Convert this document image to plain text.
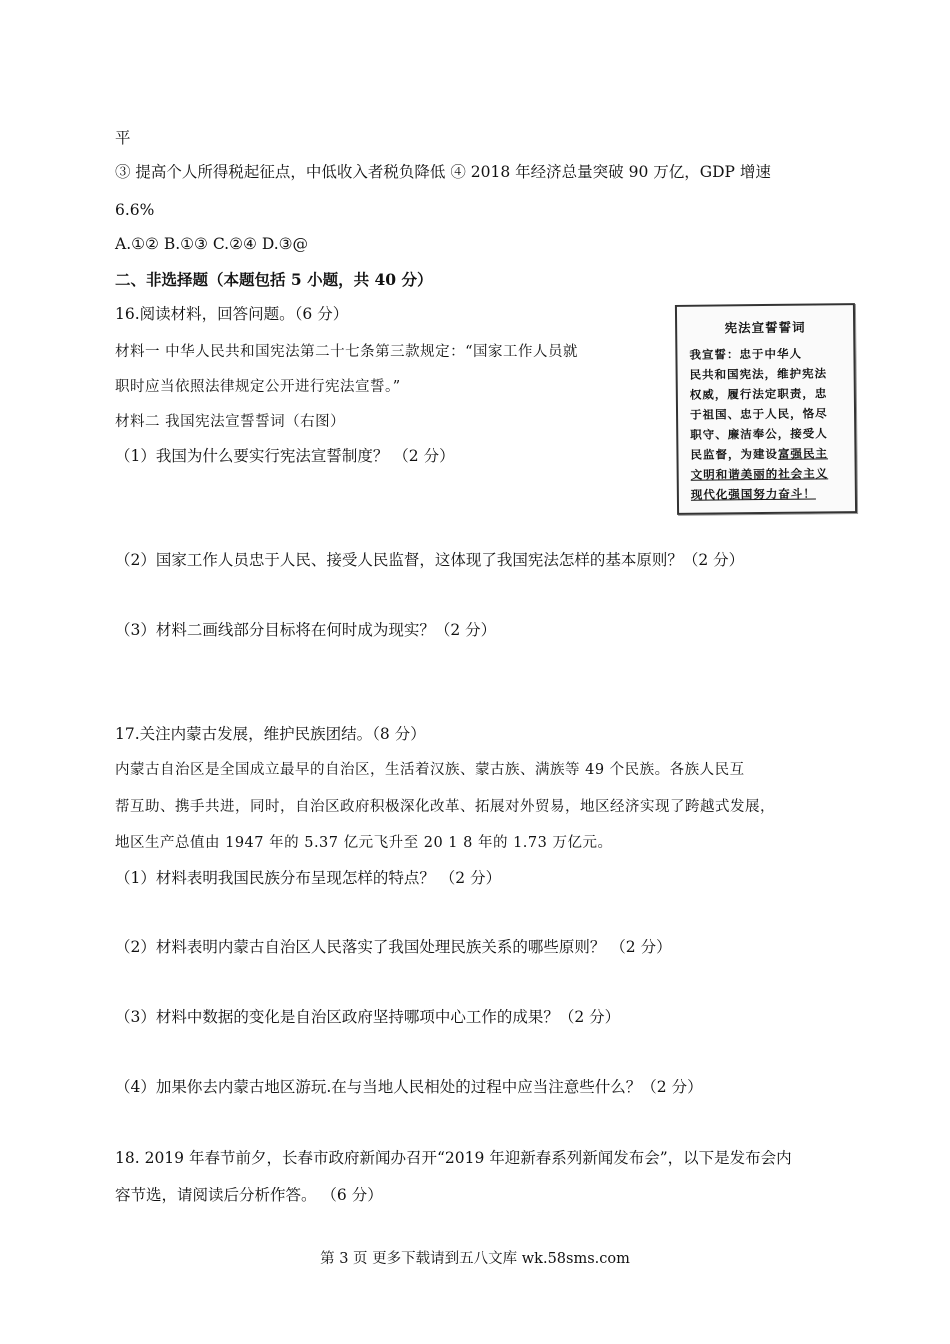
平
③ 提高个人所得税起征点，中低收入者税负降低 ④ 2018 年经济总量突破 90 万亿，GDP 增速
6.6%
A.①② B.①③ C.②④ D.③@
二、非选择题（本题包括 5 小题，共 40 分）
16.阅读材料，回答问题。（6 分）
材料一 中华人民共和国宪法第二十七条第三款规定：“国家工作人员就
职时应当依照法律规定公开进行宪法宣誓。”
材料二 我国宪法宣誓誓词（右图）
（1）我国为什么要实行宪法宣誓制度？ （2 分）
（2）国家工作人员忠于人民、接受人民监督，这体现了我国宪法怎样的基本原则？（2 分）
（3）材料二画线部分目标将在何时成为现实？（2 分）
17.关注内蒙古发展，维护民族团结。（8 分）
内蒙古自治区是全国成立最早的自治区，生活着汉族、蒙古族、满族等 49 个民族。各族人民互
帮互助、携手共进，同时，自治区政府积极深化改革、拓展对外贸易，地区经济实现了跨越式发展，
地区生产总值由 1947 年的 5.37 亿元飞升至 20 1 8 年的 1.73 万亿元。
（1）材料表明我国民族分布呈现怎样的特点？ （2 分）
（2）材料表明内蒙古自治区人民落实了我国处理民族关系的哪些原则？ （2 分）
（3）材料中数据的变化是自治区政府坚持哪项中心工作的成果？（2 分）
（4）加果你去内蒙古地区游玩.在与当地人民相处的过程中应当注意些什么？（2 分）
18. 2019 年春节前夕，长春市政府新闻办召开“2019 年迎新春系列新闻发布会”，以下是发布会内
容节选，请阅读后分析作答。 （6 分）
宪法宣誓誓词
我宣誓：忠于中华人
民共和国宪法，维护宪法
权威，履行法定职责，忠
于祖国、忠于人民，恪尽
职守、廉洁奉公，接受人
民监督，为建设富强民主
文明和谐美丽的社会主义
现代化强国努力奋斗！
第 3 页 更多下载请到五八文库 wk.58sms.com
